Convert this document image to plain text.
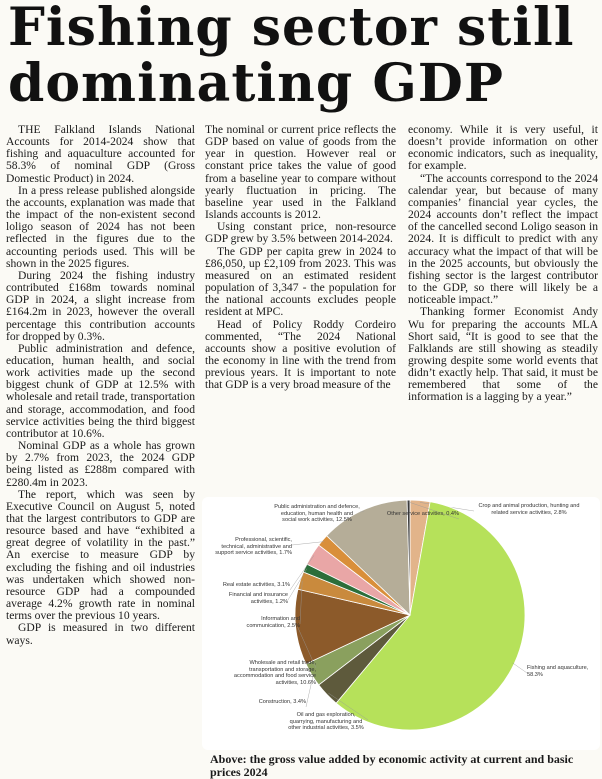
Fishing sector still dominating GDP

THE Falkland Islands National Accounts for 2014-2024 show that fishing and aquaculture accounted for 58.3% of nominal GDP (Gross Domestic Product) in 2024.

In a press release published alongside the accounts, explanation was made that the impact of the non-existent second loligo season of 2024 has not been reflected in the figures due to the accounting periods used. This will be shown in the 2025 figures.

During 2024 the fishing industry contributed £168m towards nominal GDP in 2024, a slight increase from £164.2m in 2023, however the overall percentage this contribution accounts for dropped by 0.3%.

Public administration and defence, education, human health, and social work activities made up the second biggest chunk of GDP at 12.5% with wholesale and retail trade, transportation and storage, accommodation, and food service activities being the third biggest contributor at 10.6%.

Nominal GDP as a whole has grown by 2.7% from 2023, the 2024 GDP being listed as £288m compared with £280.4m in 2023.

The report, which was seen by Executive Council on August 5, noted that the largest contributors to GDP are resource based and have “exhibited a great degree of volatility in the past.” An exercise to measure GDP by excluding the fishing and oil industries was undertaken which showed non-resource GDP had a compounded average 4.2% growth rate in nominal terms over the previous 10 years.

GDP is measured in two different ways.

The nominal or current price reflects the GDP based on value of goods from the year in question. However real or constant price takes the value of good from a baseline year to compare without yearly fluctuation in pricing. The baseline year used in the Falkland Islands accounts is 2012.

Using constant price, non-resource GDP grew by 3.5% between 2014-2024.

The GDP per capita grew in 2024 to £86,050, up £2,109 from 2023. This was measured on an estimated resident population of 3,347 - the population for the national accounts excludes people resident at MPC.

Head of Policy Roddy Cordeiro commented, “The 2024 National accounts show a positive evolution of the economy in line with the trend from previous years. It is important to note that GDP is a very broad measure of the

economy. While it is very useful, it doesn’t provide information on other economic indicators, such as inequality, for example.

“The accounts correspond to the 2024 calendar year, but because of many companies’ financial year cycles, the 2024 accounts don’t reflect the impact of the cancelled second Loligo season in 2024. It is difficult to predict with any accuracy what the impact of that will be in the 2025 accounts, but obviously the fishing sector is the largest contributor to the GDP, so there will likely be a noticeable impact.”

Thanking former Economist Andy Wu for preparing the accounts MLA Short said, “It is good to see that the Falklands are still showing as steadily growing despite some world events that didn’t exactly help. That said, it must be remembered that some of the information is a lagging by a year.”

Crop and animal production, hunting and related service activities, 2.8%
Fishing and aquaculture, 58.3%
Oil and gas exploration, quarrying, manufacturing and other industrial activities, 3.5%
Construction, 3.4%
Wholesale and retail trade, transportation and storage, accommodation and food service activities, 10.6%
Information and communication, 2.5%
Financial and insurance activities, 1.2%
Real estate activities, 3.1%
Professional, scientific, technical, administrative and support service activities, 1.7%
Public administration and defence, education, human health and social work activities, 12.5%
Other service activities, 0.4%
Above: the gross value added by economic activity at current and basic prices 2024
